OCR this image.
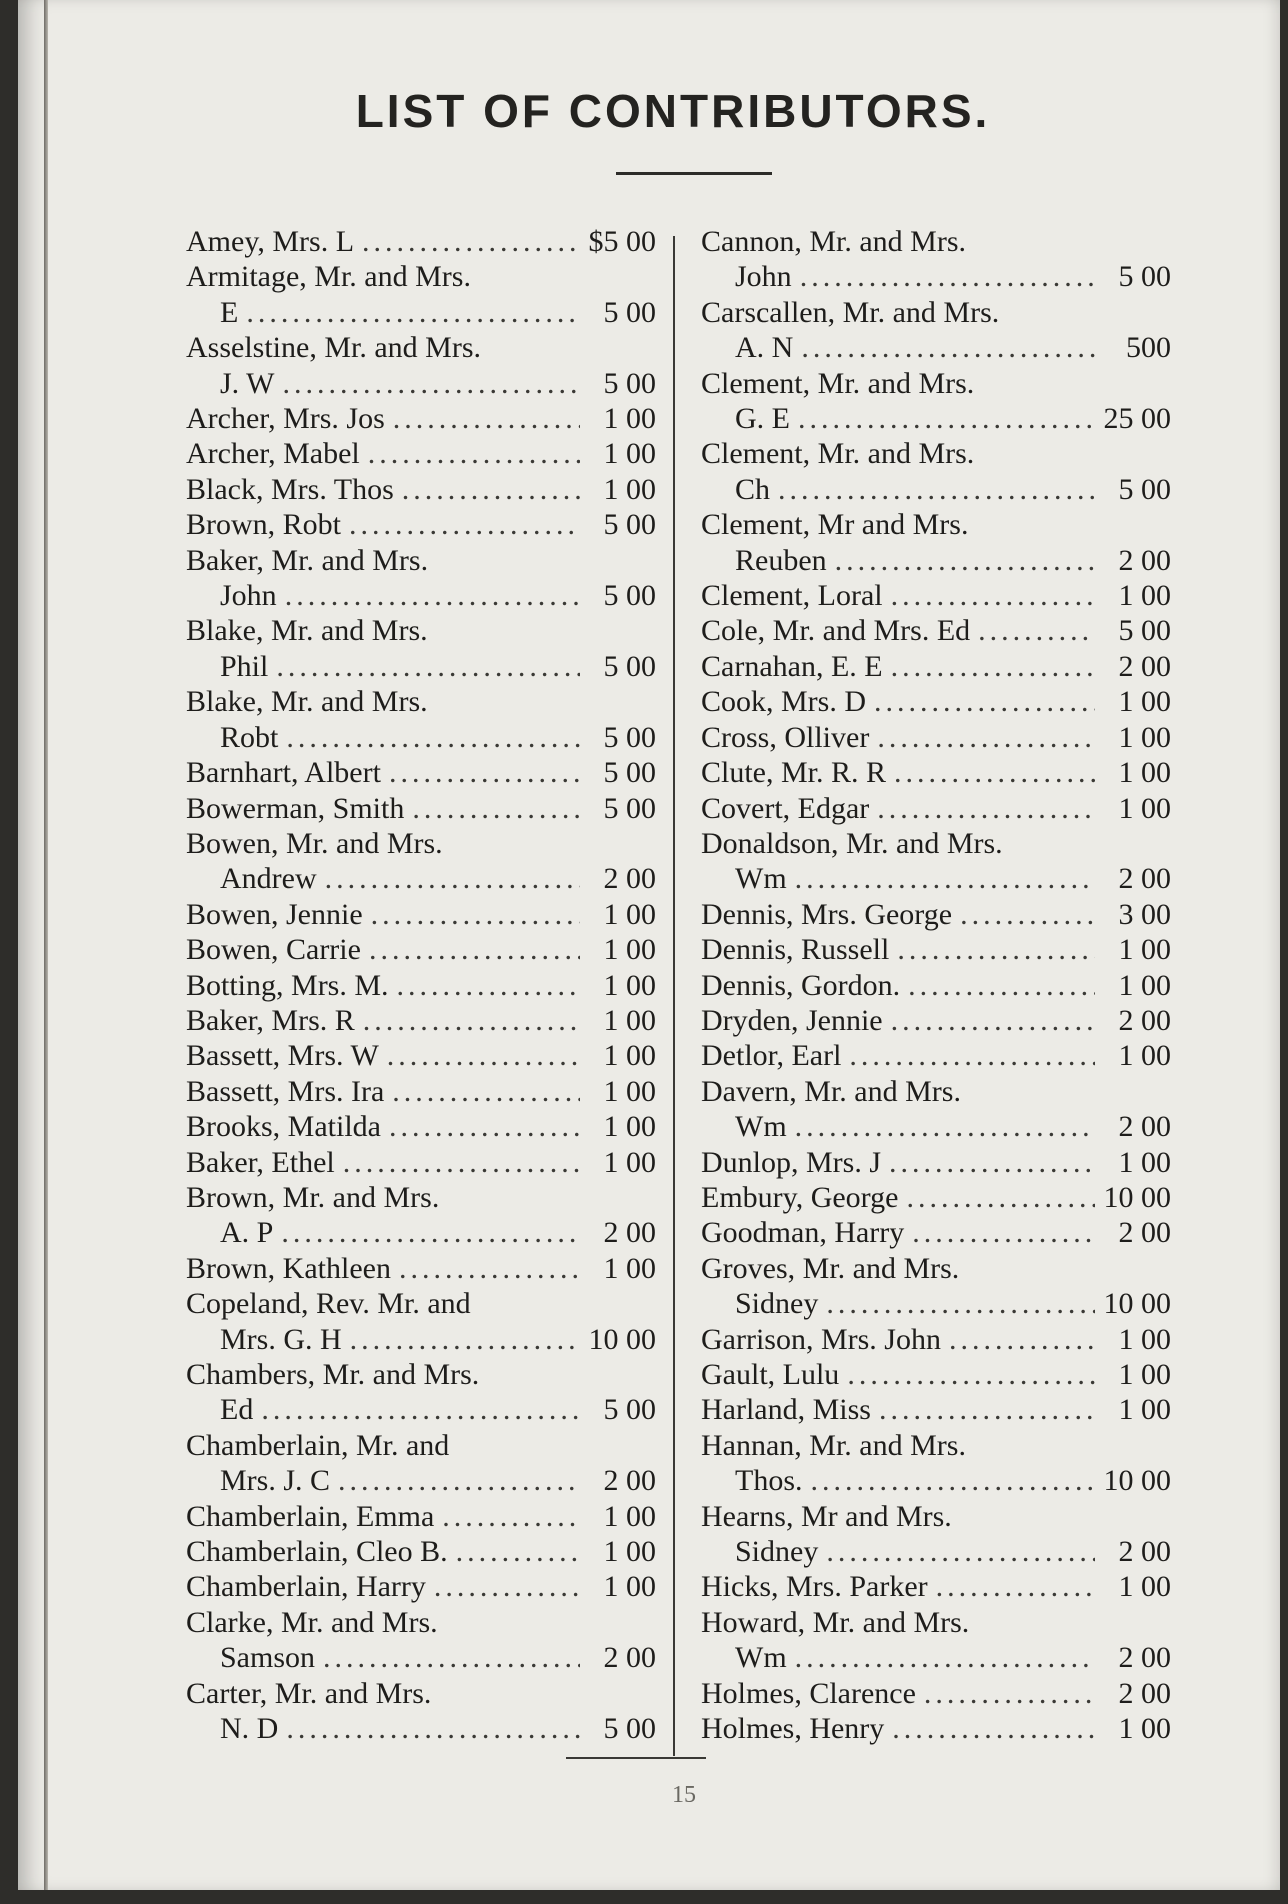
LIST OF CONTRIBUTORS.
Amey, Mrs. L .....	$5 00
Armitage, Mr. and Mrs.
E .....	5 00
Asselstine, Mr. and Mrs.
J. W .....	5 00
Archer, Mrs. Jos .....	1 00
Archer, Mabel .....	1 00
Black, Mrs. Thos .....	1 00
Brown, Robt .....	5 00
Baker, Mr. and Mrs.
John .....	5 00
Blake, Mr. and Mrs.
Phil .....	5 00
Blake, Mr. and Mrs.
Robt .....	5 00
Barnhart, Albert .....	5 00
Bowerman, Smith .....	5 00
Bowen, Mr. and Mrs.
Andrew .....	2 00
Bowen, Jennie .....	1 00
Bowen, Carrie .....	1 00
Botting, Mrs. M. .....	1 00
Baker, Mrs. R .....	1 00
Bassett, Mrs. W .....	1 00
Bassett, Mrs. Ira .....	1 00
Brooks, Matilda .....	1 00
Baker, Ethel .....	1 00
Brown, Mr. and Mrs.
A. P .....	2 00
Brown, Kathleen .....	1 00
Copeland, Rev. Mr. and
Mrs. G. H .....	10 00
Chambers, Mr. and Mrs.
Ed .....	5 00
Chamberlain, Mr. and
Mrs. J. C .....	2 00
Chamberlain, Emma .....	1 00
Chamberlain, Cleo B. .....	1 00
Chamberlain, Harry .....	1 00
Clarke, Mr. and Mrs.
Samson .....	2 00
Carter, Mr. and Mrs.
N. D .....	5 00
Cannon, Mr. and Mrs.
John .....	5 00
Carscallen, Mr. and Mrs.
A. N .....	500
Clement, Mr. and Mrs.
G. E .....	25 00
Clement, Mr. and Mrs.
Ch .....	5 00
Clement, Mr and Mrs.
Reuben .....	2 00
Clement, Loral .....	1 00
Cole, Mr. and Mrs. Ed .....	5 00
Carnahan, E. E .....	2 00
Cook, Mrs. D .....	1 00
Cross, Olliver .....	1 00
Clute, Mr. R. R .....	1 00
Covert, Edgar .....	1 00
Donaldson, Mr. and Mrs.
Wm .....	2 00
Dennis, Mrs. George .....	3 00
Dennis, Russell .....	1 00
Dennis, Gordon. .....	1 00
Dryden, Jennie .....	2 00
Detlor, Earl .....	1 00
Davern, Mr. and Mrs.
Wm .....	2 00
Dunlop, Mrs. J .....	1 00
Embury, George .....	10 00
Goodman, Harry .....	2 00
Groves, Mr. and Mrs.
Sidney .....	10 00
Garrison, Mrs. John .....	1 00
Gault, Lulu .....	1 00
Harland, Miss .....	1 00
Hannan, Mr. and Mrs.
Thos. .....	10 00
Hearns, Mr and Mrs.
Sidney .....	2 00
Hicks, Mrs. Parker .....	1 00
Howard, Mr. and Mrs.
Wm .....	2 00
Holmes, Clarence .....	2 00
Holmes, Henry .....	1 00
15
